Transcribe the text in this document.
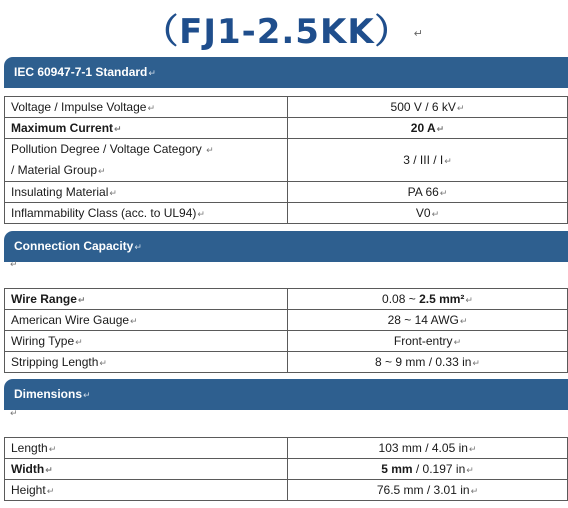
（FJ1-2.5KK） ↵
IEC 60947-7-1 Standard↵
Voltage / Impulse Voltage↵	500 V / 6 kV↵
Maximum Current↵	20 A↵
Pollution Degree / Voltage Category ↵
/ Material Group↵	3 / III / I↵
Insulating Material↵	PA 66↵
Inflammability Class (acc. to UL94)↵	V0↵
Connection Capacity↵
↵
Wire Range↵	0.08 ~ 2.5 mm²↵
American Wire Gauge↵	28 ~ 14 AWG↵
Wiring Type↵	Front-entry↵
Stripping Length↵	8 ~ 9 mm / 0.33 in↵
Dimensions↵
↵
Length↵	103 mm / 4.05 in↵
Width↵	5 mm / 0.197 in↵
Height↵	76.5 mm / 3.01 in↵
